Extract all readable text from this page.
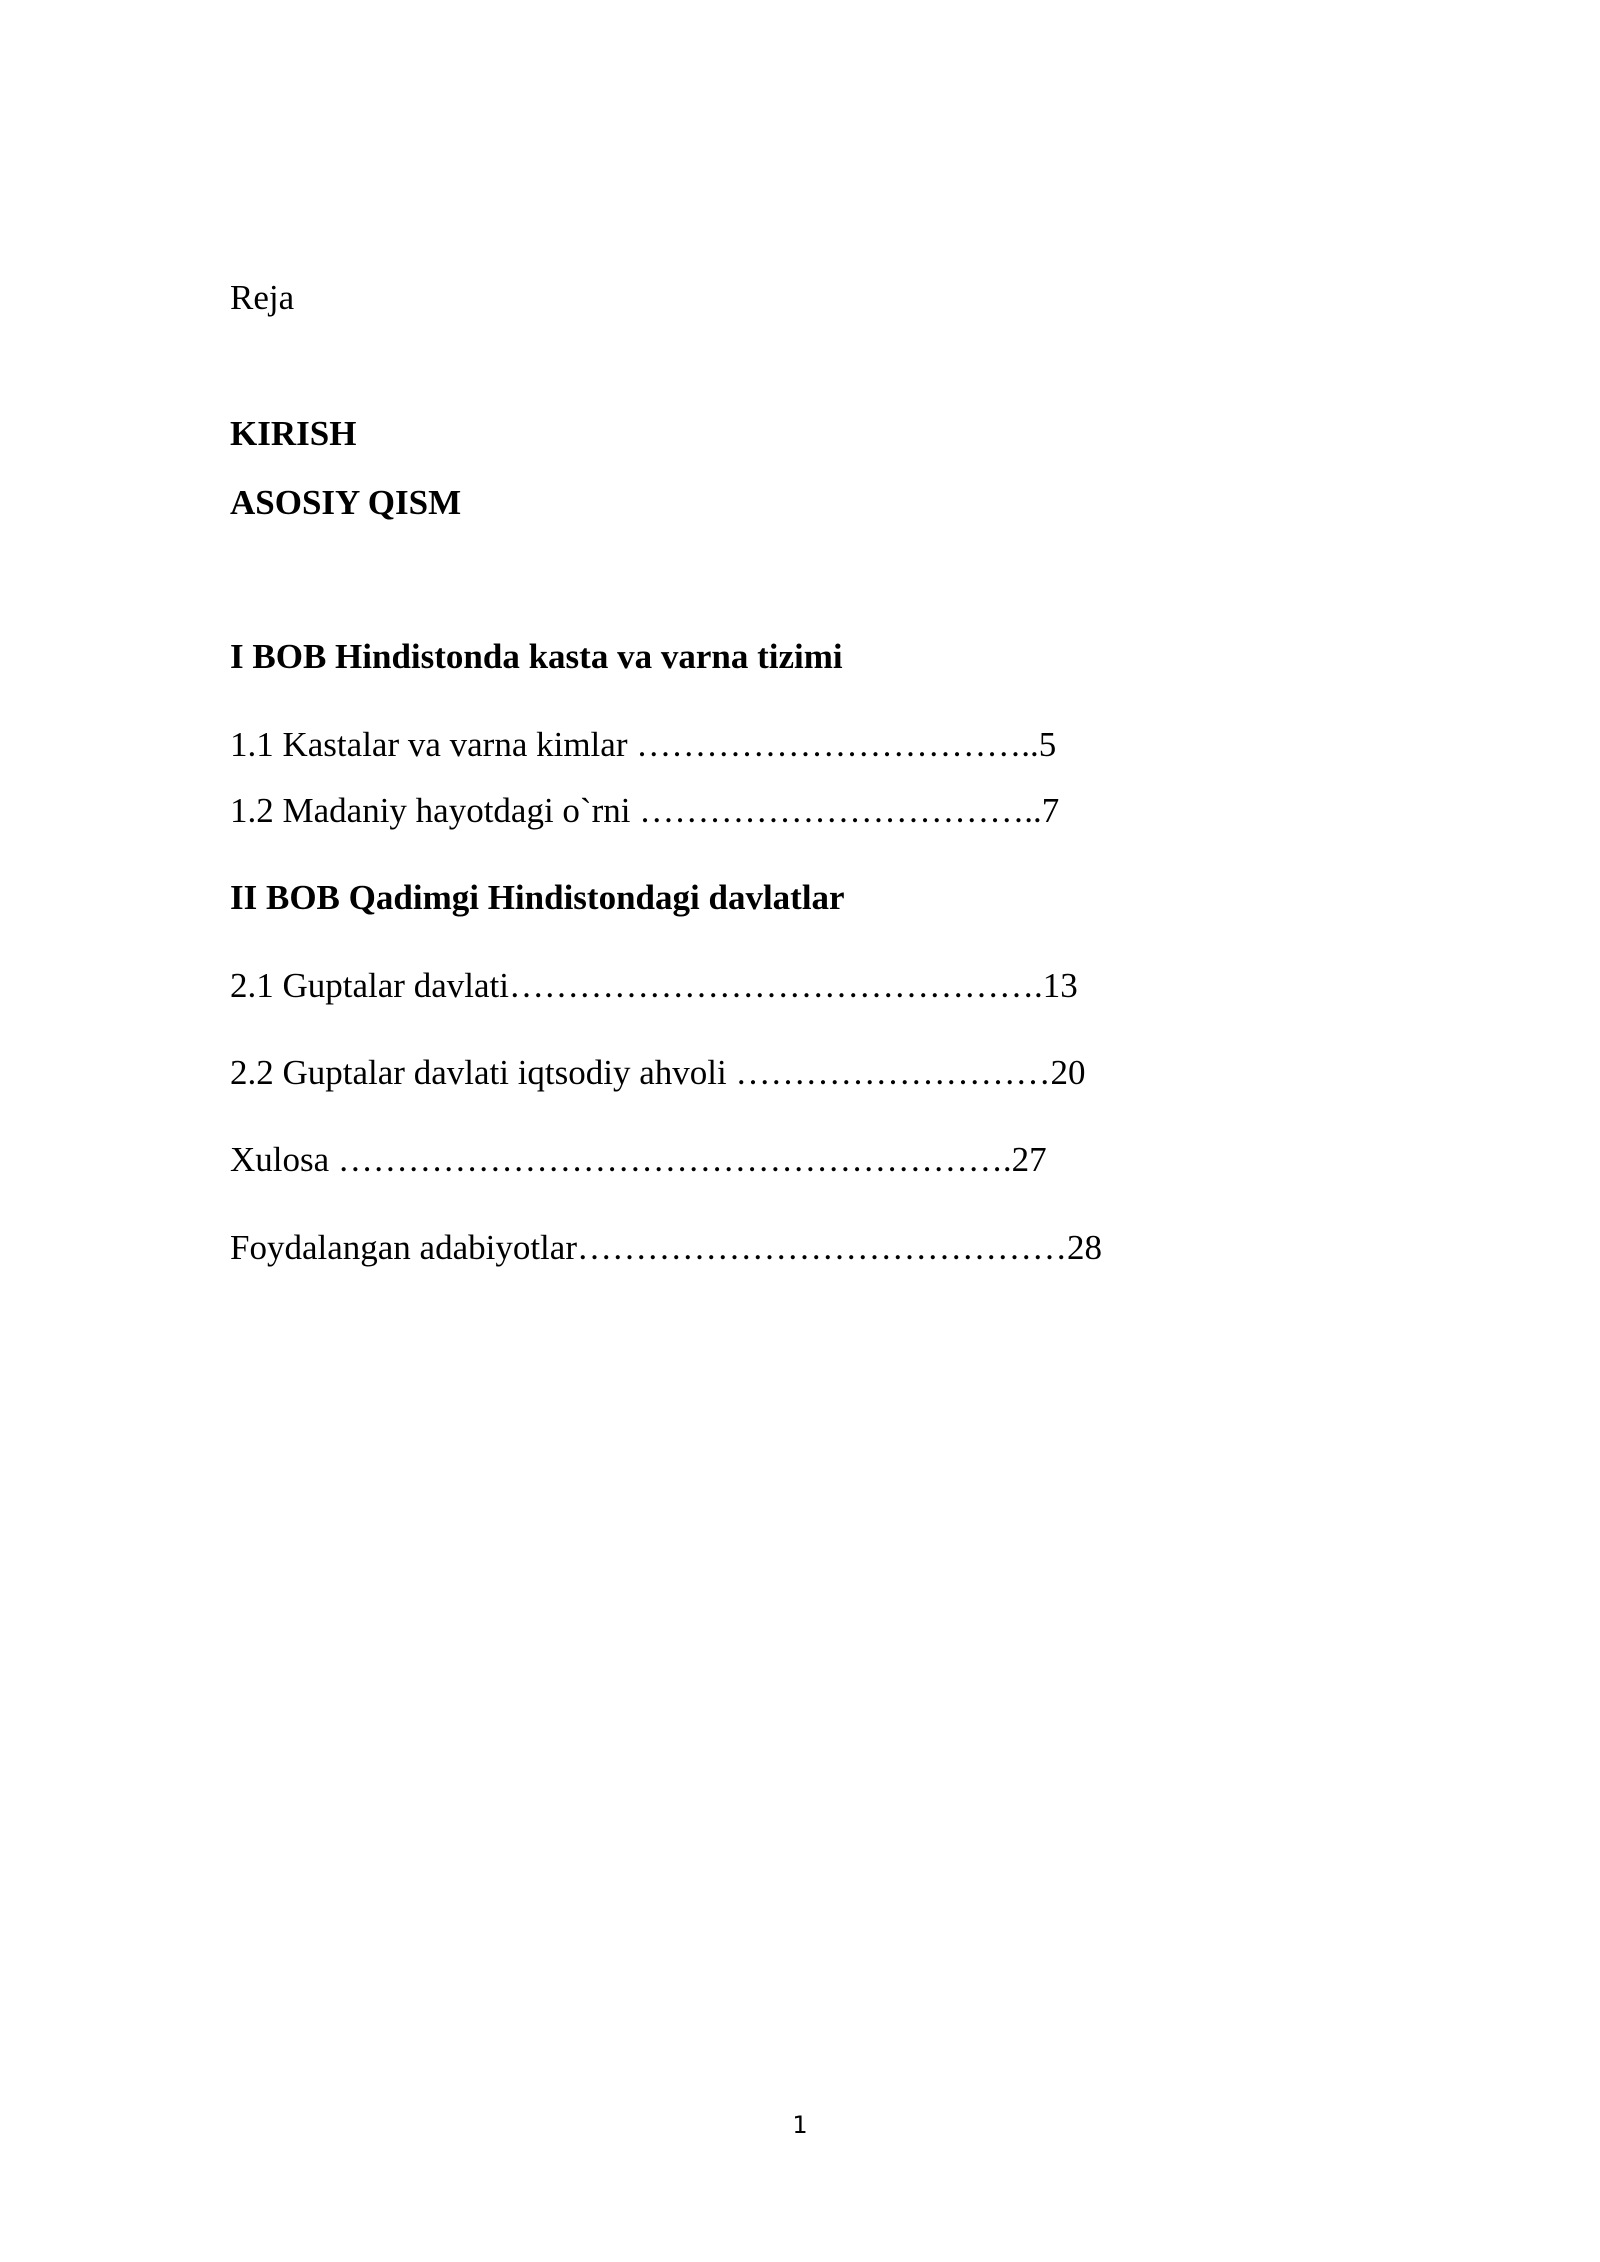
Reja

KIRISH

ASOSIY QISM

I BOB Hindistonda kasta va varna tizimi

1.1 Kastalar va varna kimlar ……………………………..5

1.2 Madaniy hayotdagi o`rni ……………………………..7

II BOB Qadimgi Hindistondagi davlatlar

2.1 Guptalar davlati……………………………………….13

2.2 Guptalar davlati iqtsodiy ahvoli ………………………20

Xulosa ………………………………………………….27

Foydalangan adabiyotlar……………………………………28

1
